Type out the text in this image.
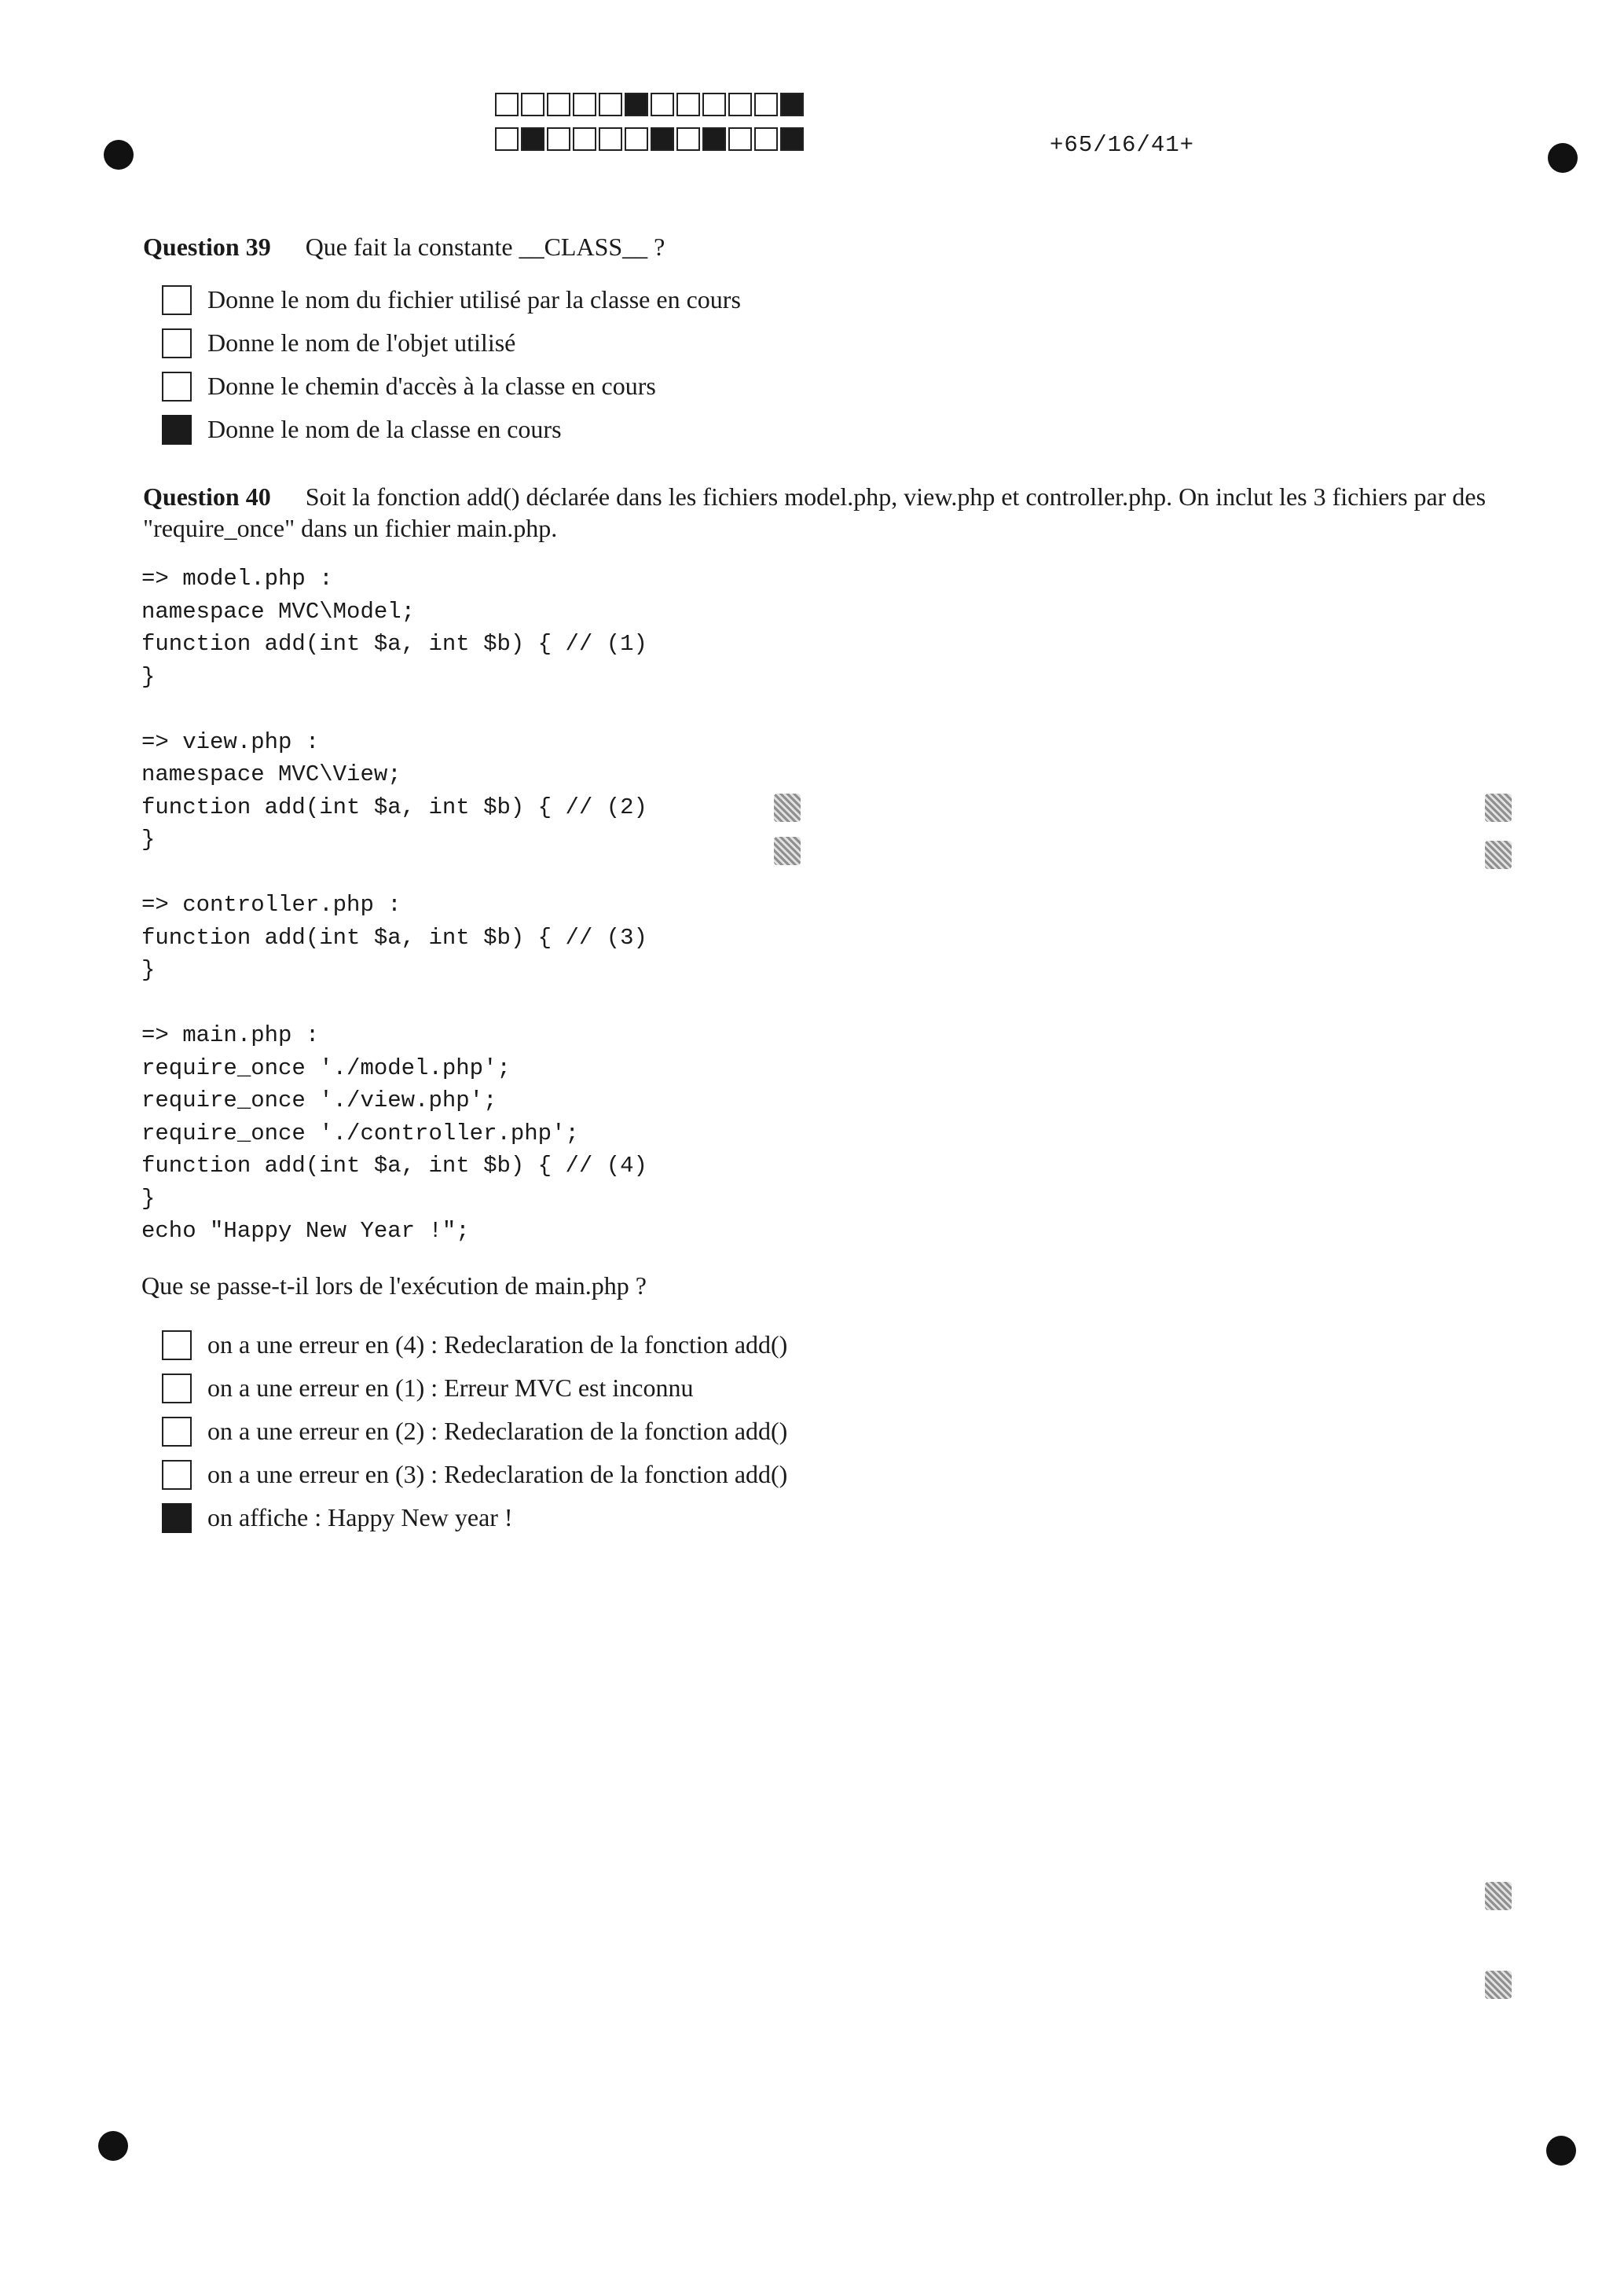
+65/16/41+
Question 39 Que fait la constante __CLASS__ ?
Donne le nom du fichier utilisé par la classe en cours
Donne le nom de l'objet utilisé
Donne le chemin d'accès à la classe en cours
Donne le nom de la classe en cours
Question 40 Soit la fonction add() déclarée dans les fichiers model.php, view.php et controller.php. On inclut les 3 fichiers par des "require_once" dans un fichier main.php.
=> model.php :
namespace MVC\Model;
function add(int $a, int $b) { // (1)
}

=> view.php :
namespace MVC\View;
function add(int $a, int $b) { // (2)
}

=> controller.php :
function add(int $a, int $b) { // (3)
}

=> main.php :
require_once './model.php';
require_once './view.php';
require_once './controller.php';
function add(int $a, int $b) { // (4)
}
echo "Happy New Year !";
Que se passe-t-il lors de l'exécution de main.php ?
on a une erreur en (4) : Redeclaration de la fonction add()
on a une erreur en (1) : Erreur MVC est inconnu
on a une erreur en (2) : Redeclaration de la fonction add()
on a une erreur en (3) : Redeclaration de la fonction add()
on affiche : Happy New year !
